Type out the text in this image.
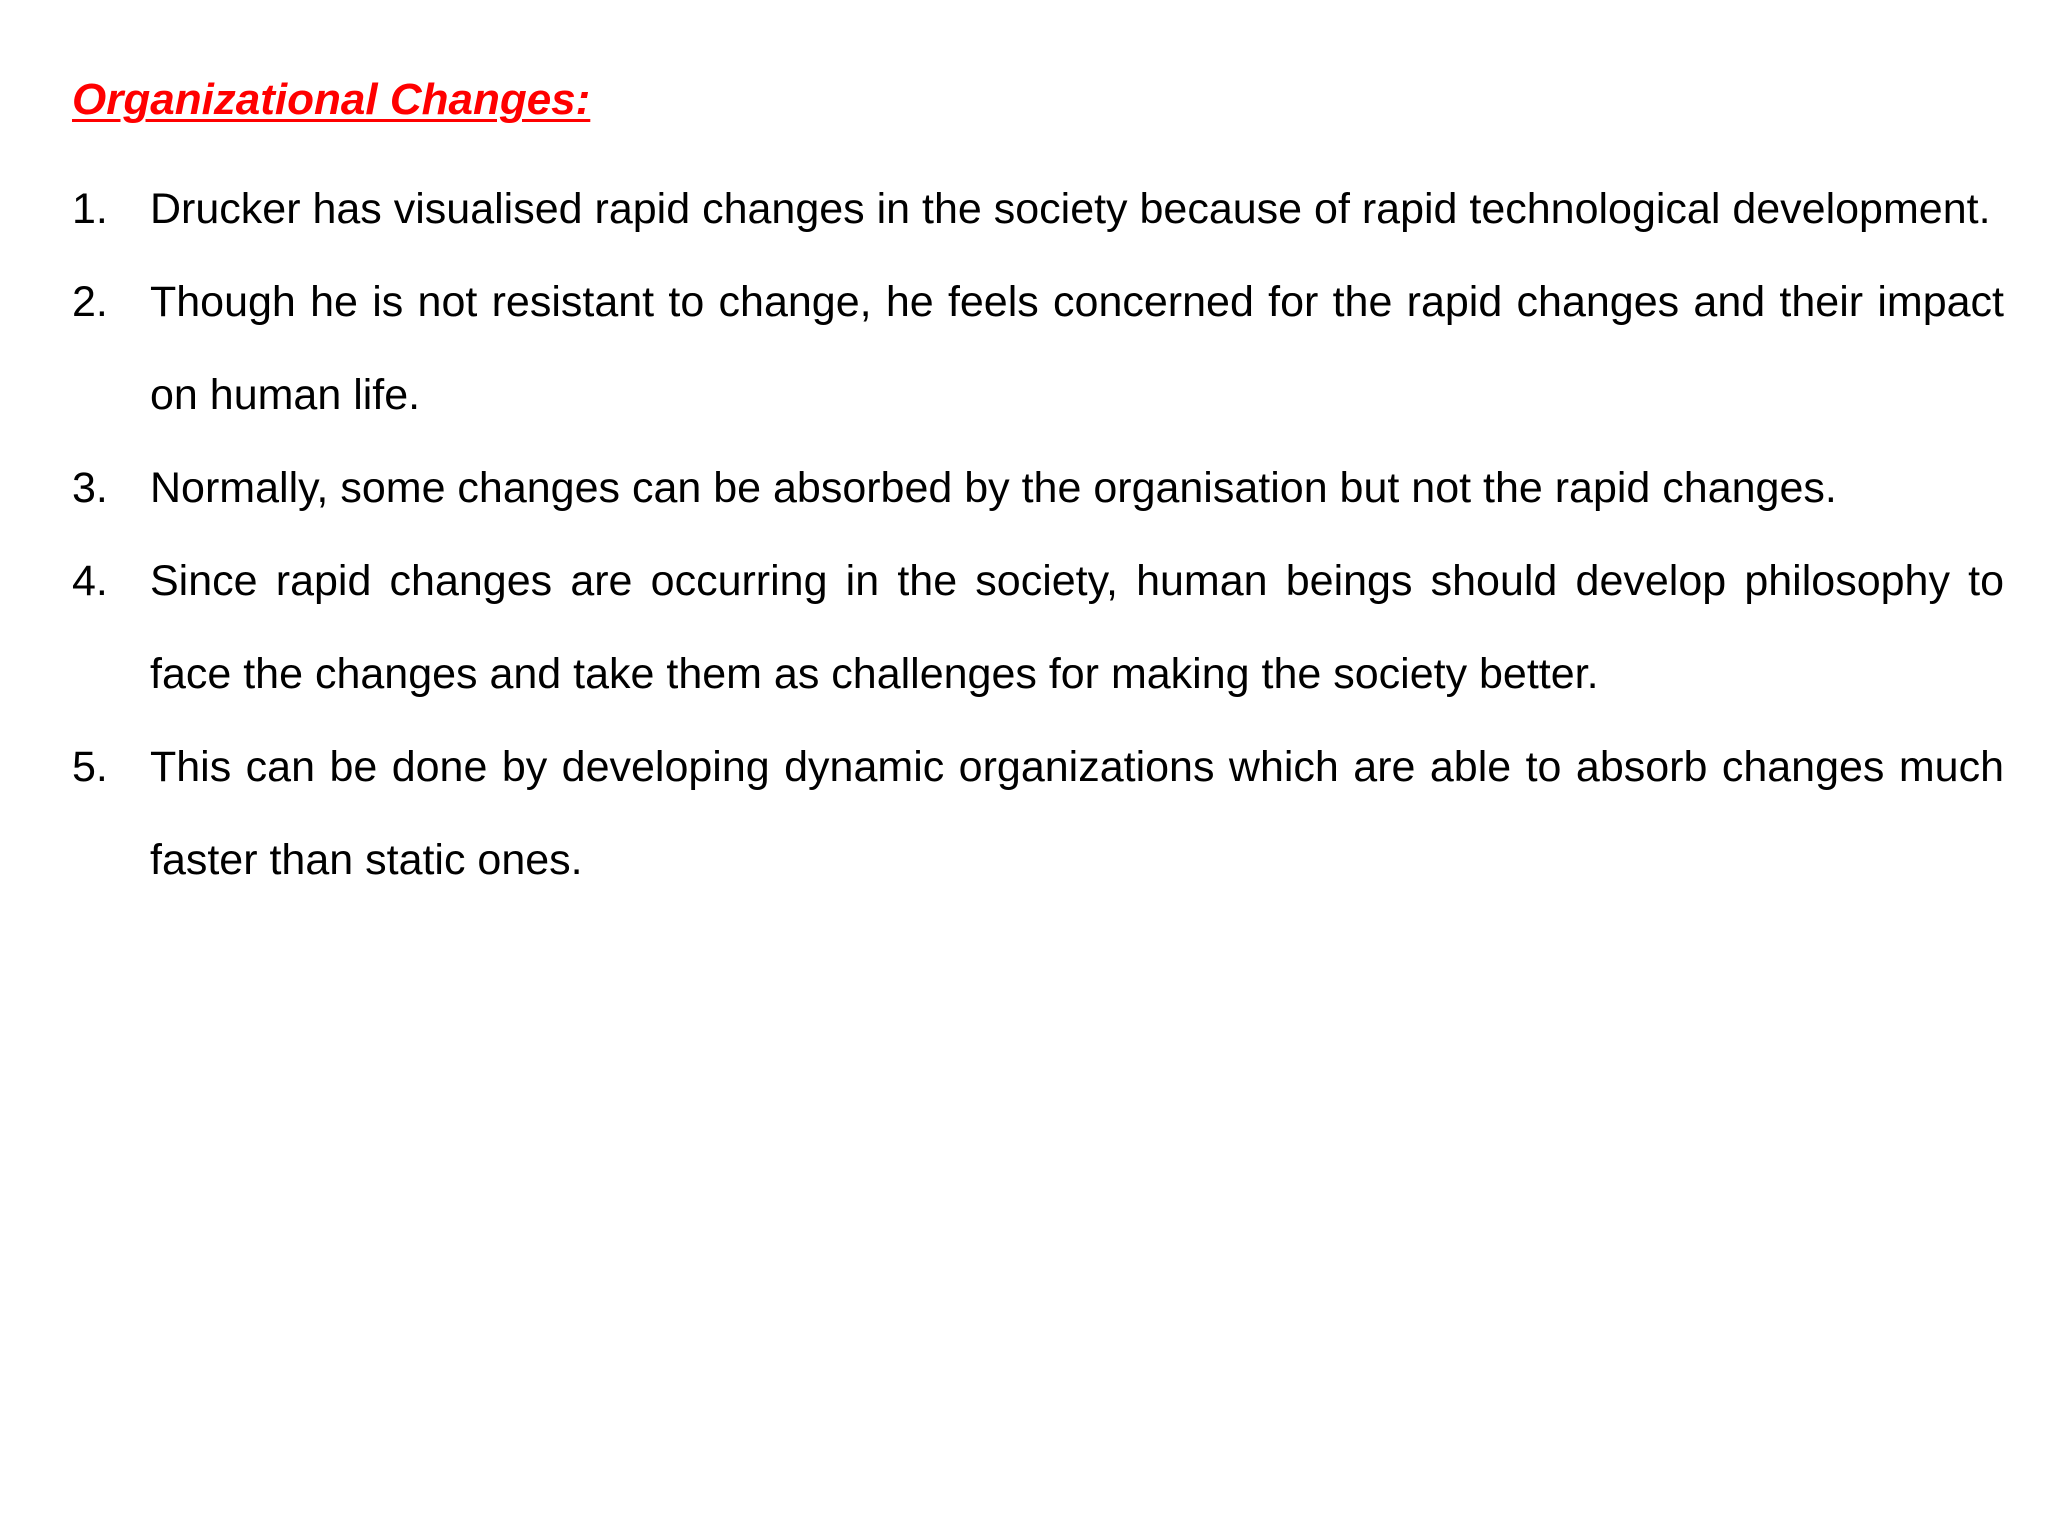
Organizational Changes:
1. Drucker has visualised rapid changes in the society because of rapid technological development.
2. Though he is not resistant to change, he feels concerned for the rapid changes and their impact on human life.
3. Normally, some changes can be absorbed by the organisation but not the rapid changes.
4. Since rapid changes are occurring in the society, human beings should develop philosophy to face the changes and take them as challenges for making the society better.
5. This can be done by developing dynamic organizations which are able to absorb changes much faster than static ones.
